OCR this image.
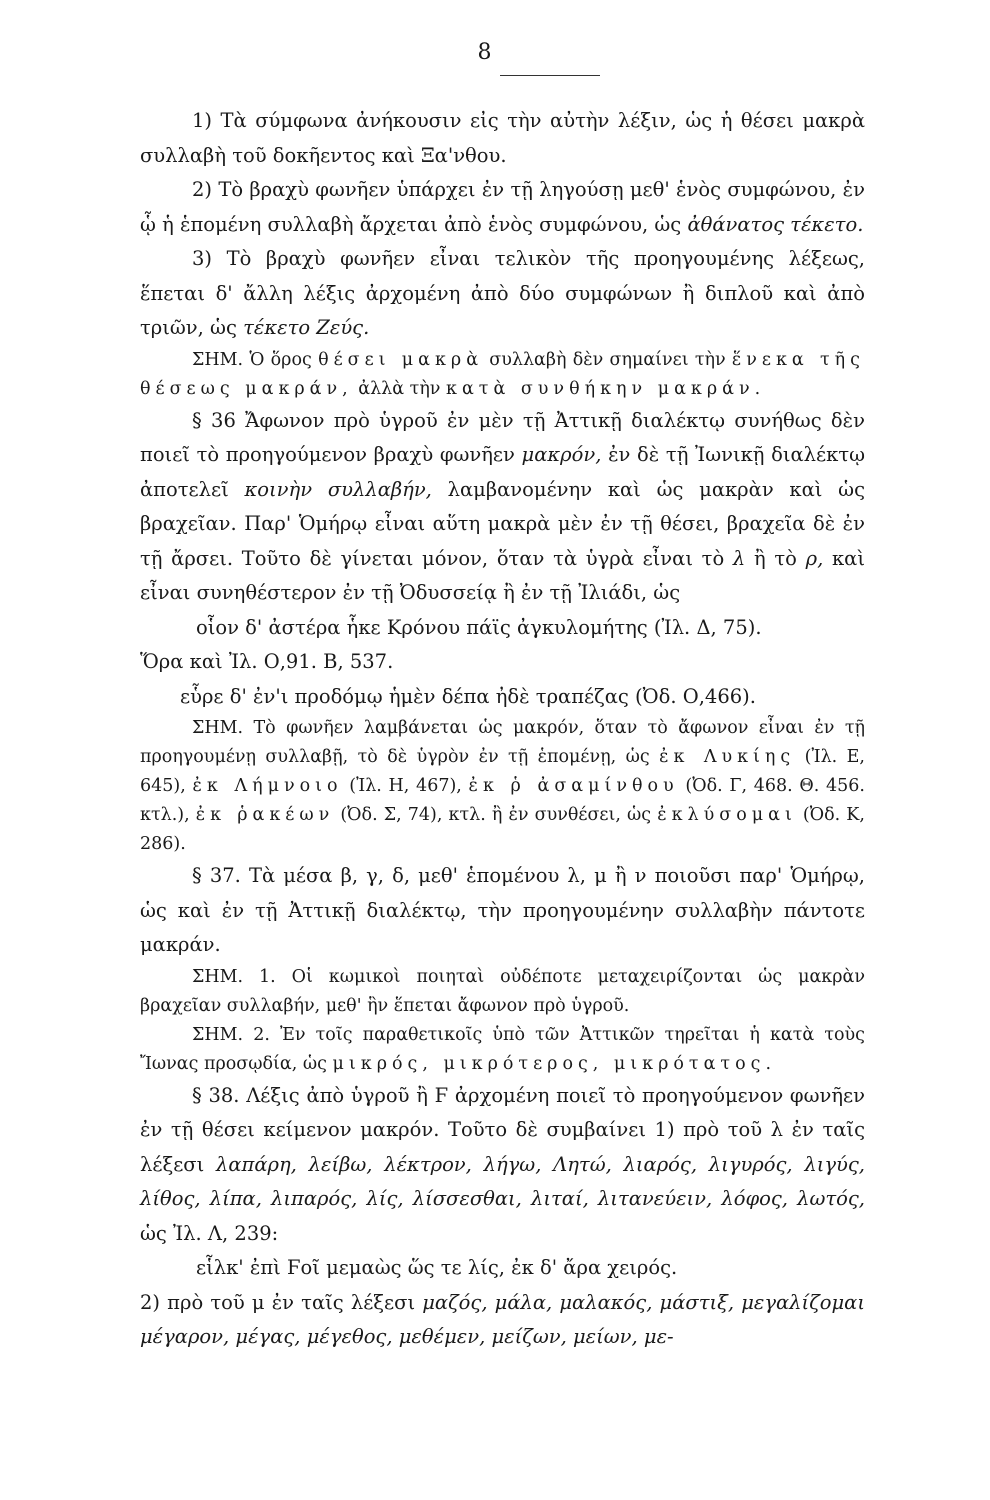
8

1) Τὰ σύμφωνα ἀνήκουσιν εἰς τὴν αὐτὴν λέξιν, ὡς ἡ θέσει μακρὰ συλλαβὴ τοῦ δοκῆεντος καὶ Ξα'νθου.

2) Τὸ βραχὺ φωνῆεν ὑπάρχει ἐν τῇ ληγούσῃ μεθ' ἑνὸς συμφώνου, ἐν ᾧ ἡ ἑπομένη συλλαβὴ ἄρχεται ἀπὸ ἑνὸς συμφώνου, ὡς ἀθάνατος τέκετο.

3) Τὸ βραχὺ φωνῆεν εἶναι τελικὸν τῆς προηγουμένης λέξεως, ἕπεται δ' ἄλλη λέξις ἀρχομένη ἀπὸ δύο συμφώνων ἢ διπλοῦ καὶ ἀπὸ τριῶν, ὡς τέκετο Ζεύς.

ΣΗΜ. Ὁ ὅρος θέσει μακρὰ συλλαβὴ δὲν σημαίνει τὴν ἕνεκα τῆς θέσεως μακράν, ἀλλὰ τὴν κατὰ συνθήκην μακράν.

§ 36 Ἄφωνον πρὸ ὑγροῦ ἐν μὲν τῇ Ἀττικῇ διαλέκτῳ συνήθως δὲν ποιεῖ τὸ προηγούμενον βραχὺ φωνῆεν μακρόν, ἐν δὲ τῇ Ἰωνικῇ διαλέκτῳ ἀποτελεῖ κοινὴν συλλαβήν, λαμβανομένην καὶ ὡς μακρὰν καὶ ὡς βραχεῖαν. Παρ' Ὁμήρῳ εἶναι αὕτη μακρὰ μὲν ἐν τῇ θέσει, βραχεῖα δὲ ἐν τῇ ἄρσει. Τοῦτο δὲ γίνεται μόνον, ὅταν τὰ ὑγρὰ εἶναι τὸ λ ἢ τὸ ρ, καὶ εἶναι συνηθέστερον ἐν τῇ Ὀδυσσείᾳ ἢ ἐν τῇ Ἰλιάδι, ὡς

οἷον δ' ἀστέρα ἧκε Κρόνου πάϊς ἀγκυλομήτης (Ἰλ. Δ, 75).

Ὅρα καὶ Ἰλ. Ο,91. Β, 537.

εὗρε δ' ἐν'ι προδόμῳ ἡμὲν δέπα ἠδὲ τραπέζας (Ὀδ. Ο,466).

ΣΗΜ. Τὸ φωνῆεν λαμβάνεται ὡς μακρόν, ὅταν τὸ ἄφωνον εἶναι ἐν τῇ προηγουμένῃ συλλαβῇ, τὸ δὲ ὑγρὸν ἐν τῇ ἑπομένῃ, ὡς ἐκ Λυκίης (Ἰλ. Ε, 645), ἐκ Λήμνοιο (Ἰλ. Η, 467), ἐκ ῥ ἀσαμίνθου (Ὀδ. Γ, 468. Θ. 456. κτλ.), ἐκ ῥακέων (Ὀδ. Σ, 74), κτλ. ἢ ἐν συνθέσει, ὡς ἐκλύσομαι (Ὀδ. Κ, 286).

§ 37. Τὰ μέσα β, γ, δ, μεθ' ἑπομένου λ, μ ἢ ν ποιοῦσι παρ' Ὁμήρῳ, ὡς καὶ ἐν τῇ Ἀττικῇ διαλέκτῳ, τὴν προηγουμένην συλλαβὴν πάντοτε μακράν.

ΣΗΜ. 1. Οἱ κωμικοὶ ποιηταὶ οὐδέποτε μεταχειρίζονται ὡς μακρὰν βραχεῖαν συλλαβήν, μεθ' ἣν ἕπεται ἄφωνον πρὸ ὑγροῦ.

ΣΗΜ. 2. Ἐν τοῖς παραθετικοῖς ὑπὸ τῶν Ἀττικῶν τηρεῖται ἡ κατὰ τοὺς Ἴωνας προσῳδία, ὡς μικρός, μικρότερος, μικρότατος.

§ 38. Λέξις ἀπὸ ὑγροῦ ἢ Ϝ ἀρχομένη ποιεῖ τὸ προηγούμενον φωνῆεν ἐν τῇ θέσει κείμενον μακρόν. Τοῦτο δὲ συμβαίνει 1) πρὸ τοῦ λ ἐν ταῖς λέξεσι λαπάρη, λείβω, λέκτρον, λήγω, Λητώ, λιαρός, λιγυρός, λιγύς, λίθος, λίπα, λιπαρός, λίς, λίσσεσθαι, λιταί, λιτανεύειν, λόφος, λωτός, ὡς Ἰλ. Λ, 239:

εἷλκ' ἐπὶ Ϝοῖ μεμαὼς ὥς τε λίς, ἐκ δ' ἄρα χειρός.

2) πρὸ τοῦ μ ἐν ταῖς λέξεσι μαζός, μάλα, μαλακός, μάστιξ, μεγαλίζομαι μέγαρον, μέγας, μέγεθος, μεθέμεν, μείζων, μείων, με-
